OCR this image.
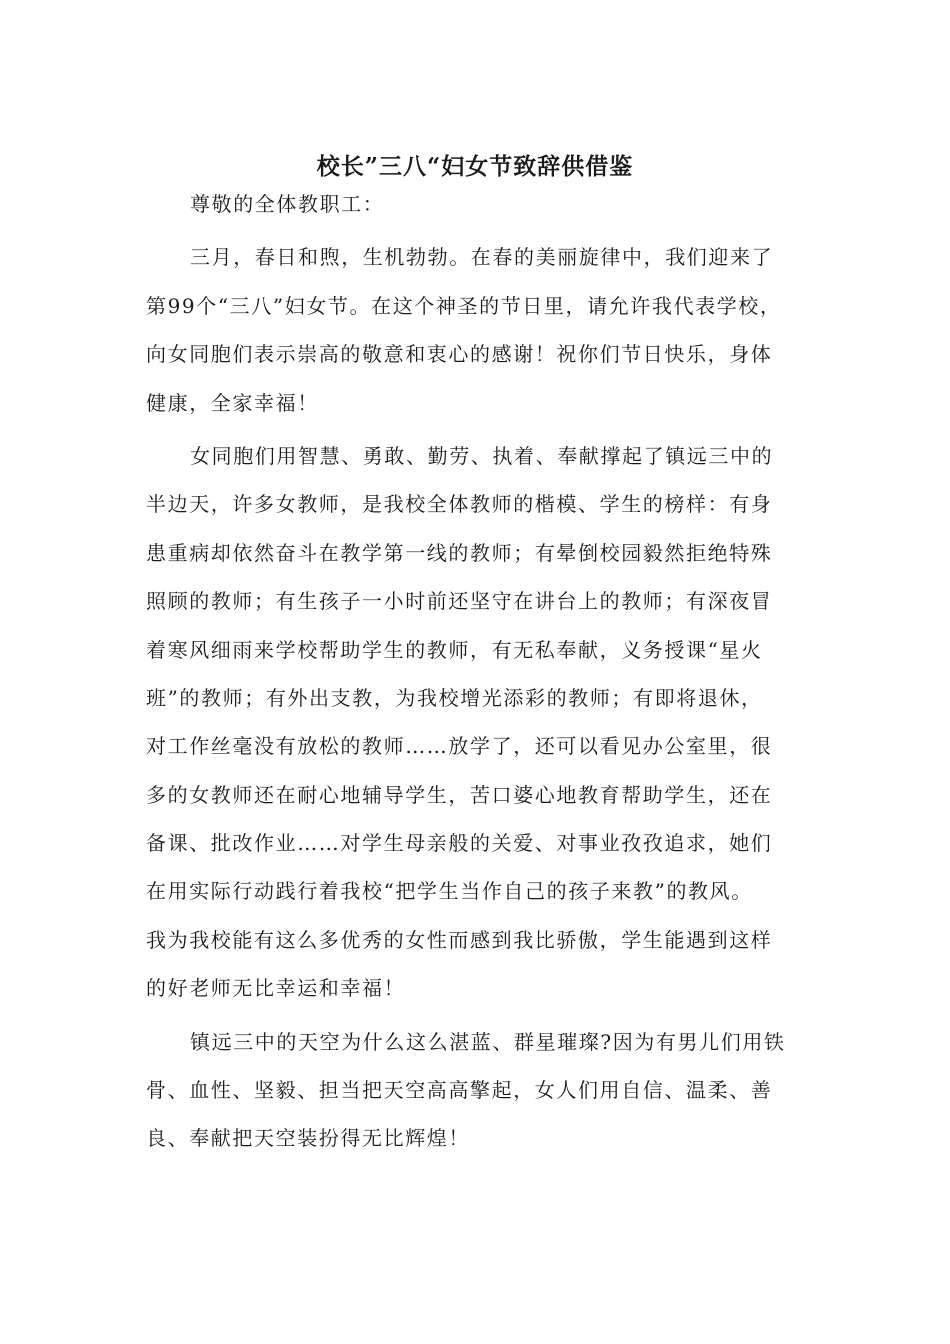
校长”三八“妇女节致辞供借鉴
尊敬的全体教职工：
三月，春日和煦，生机勃勃。在春的美丽旋律中，我们迎来了
第99个“三八”妇女节。在这个神圣的节日里，请允许我代表学校，
向女同胞们表示崇高的敬意和衷心的感谢！祝你们节日快乐，身体
健康，全家幸福！
女同胞们用智慧、勇敢、勤劳、执着、奉献撑起了镇远三中的
半边天，许多女教师，是我校全体教师的楷模、学生的榜样：有身
患重病却依然奋斗在教学第一线的教师；有晕倒校园毅然拒绝特殊
照顾的教师；有生孩子一小时前还坚守在讲台上的教师；有深夜冒
着寒风细雨来学校帮助学生的教师，有无私奉献，义务授课“星火
班”的教师；有外出支教，为我校增光添彩的教师；有即将退休，
对工作丝毫没有放松的教师……放学了，还可以看见办公室里，很
多的女教师还在耐心地辅导学生，苦口婆心地教育帮助学生，还在
备课、批改作业……对学生母亲般的关爱、对事业孜孜追求，她们
在用实际行动践行着我校“把学生当作自己的孩子来教”的教风。
我为我校能有这么多优秀的女性而感到我比骄傲，学生能遇到这样
的好老师无比幸运和幸福！
镇远三中的天空为什么这么湛蓝、群星璀璨?因为有男儿们用铁
骨、血性、坚毅、担当把天空高高擎起，女人们用自信、温柔、善
良、奉献把天空装扮得无比辉煌！
